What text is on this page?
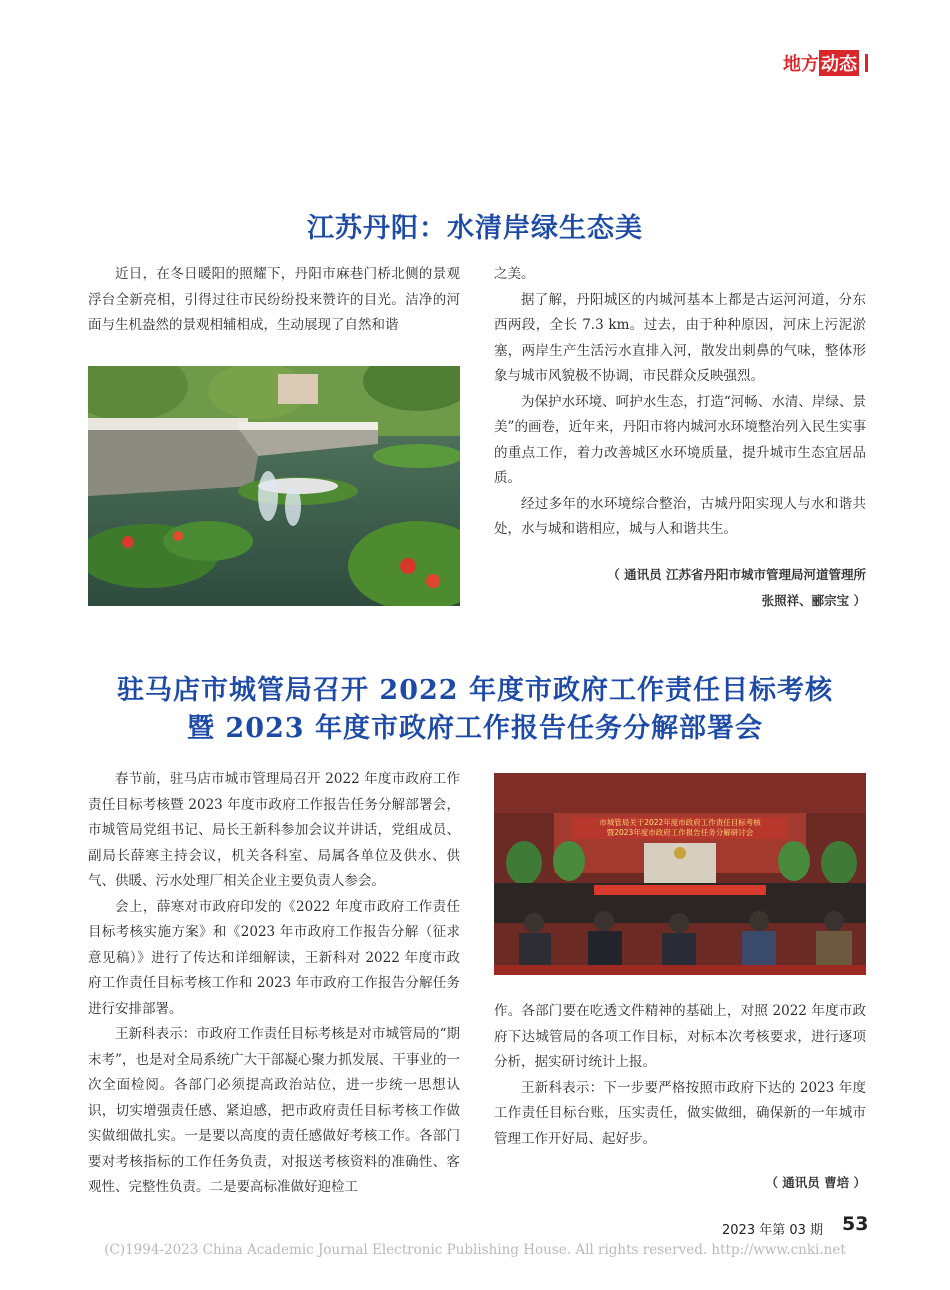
地方 动态
江苏丹阳：水清岸绿生态美

近日，在冬日暖阳的照耀下，丹阳市麻巷门桥北侧的景观浮台全新亮相，引得过往市民纷纷投来赞许的目光。洁净的河面与生机盎然的景观相辅相成，生动展现了自然和谐

之美。

据了解，丹阳城区的内城河基本上都是古运河河道，分东西两段，全长 7.3 km。过去，由于种种原因，河床上污泥淤塞，两岸生产生活污水直排入河，散发出刺鼻的气味，整体形象与城市风貌极不协调，市民群众反映强烈。

为保护水环境、呵护水生态，打造“河畅、水清、岸绿、景美”的画卷，近年来，丹阳市将内城河水环境整治列入民生实事的重点工作，着力改善城区水环境质量，提升城市生态宜居品质。

经过多年的水环境综合整治，古城丹阳实现人与水和谐共处，水与城和谐相应，城与人和谐共生。

（ 通讯员 江苏省丹阳市城市管理局河道管理所
张照祥、郦宗宝 ）
驻马店市城管局召开 2022 年度市政府工作责任目标考核
暨 2023 年度市政府工作报告任务分解部署会

春节前，驻马店市城市管理局召开 2022 年度市政府工作责任目标考核暨 2023 年度市政府工作报告任务分解部署会，市城管局党组书记、局长王新科参加会议并讲话，党组成员、副局长薛寒主持会议，机关各科室、局属各单位及供水、供气、供暖、污水处理厂相关企业主要负责人参会。

会上，薛寒对市政府印发的《2022 年度市政府工作责任目标考核实施方案》和《2023 年市政府工作报告分解（征求意见稿）》进行了传达和详细解读，王新科对 2022 年度市政府工作责任目标考核工作和 2023 年市政府工作报告分解任务进行安排部署。

王新科表示：市政府工作责任目标考核是对市城管局的“期末考”，也是对全局系统广大干部凝心聚力抓发展、干事业的一次全面检阅。各部门必须提高政治站位，进一步统一思想认识，切实增强责任感、紧迫感，把市政府责任目标考核工作做实做细做扎实。一是要以高度的责任感做好考核工作。各部门要对考核指标的工作任务负责，对报送考核资料的准确性、客观性、完整性负责。二是要高标准做好迎检工

市城管局关于2022年度市政府工作责任目标考核
暨2023年度市政府工作报告任务分解研讨会

作。各部门要在吃透文件精神的基础上，对照 2022 年度市政府下达城管局的各项工作目标，对标本次考核要求，进行逐项分析，据实研讨统计上报。

王新科表示：下一步要严格按照市政府下达的 2023 年度工作责任目标台账，压实责任，做实做细，确保新的一年城市管理工作开好局、起好步。

（ 通讯员 曹培 ）
2023 年第 03 期 53
(C)1994-2023 China Academic Journal Electronic Publishing House. All rights reserved. http://www.cnki.net
